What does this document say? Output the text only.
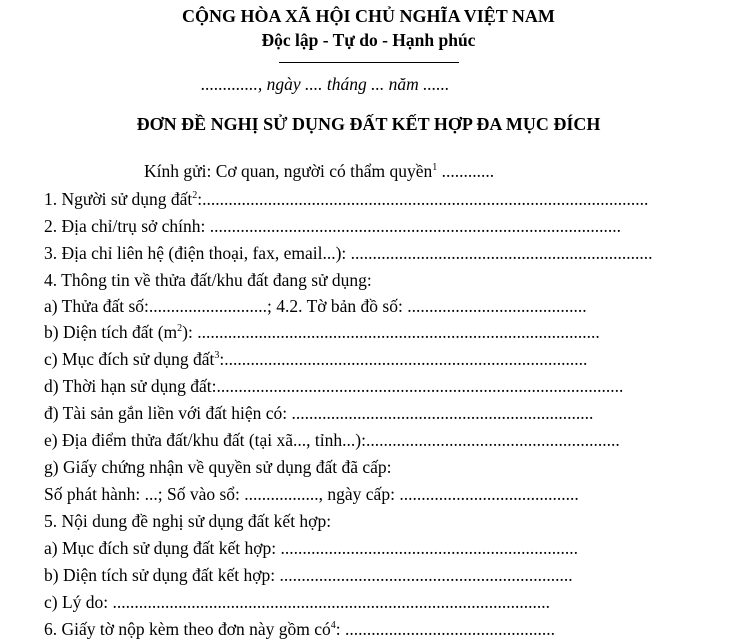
CỘNG HÒA XÃ HỘI CHỦ NGHĨA VIỆT NAM
Độc lập - Tự do - Hạnh phúc
............., ngày .... tháng ... năm ......
ĐƠN ĐỀ NGHỊ SỬ DỤNG ĐẤT KẾT HỢP ĐA MỤC ĐÍCH
Kính gửi: Cơ quan, người có thẩm quyền$^1$ ............
1. Người sử dụng đất$^2$:......................................................................................................
2. Địa chỉ/trụ sở chính: ..............................................................................................
3. Địa chỉ liên hệ (điện thoại, fax, email...): .....................................................................
4. Thông tin về thửa đất/khu đất đang sử dụng:
a) Thửa đất số:...........................; 4.2. Tờ bản đồ số: .........................................
b) Diện tích đất $(m^2)$: ............................................................................................
c) Mục đích sử dụng đất$^3$:...................................................................................
d) Thời hạn sử dụng đất:.............................................................................................
đ) Tài sản gắn liền với đất hiện có: .....................................................................
e) Địa điểm thửa đất/khu đất (tại xã..., tỉnh...):..........................................................
g) Giấy chứng nhận về quyền sử dụng đất đã cấp:
Số phát hành: ...; Số vào sổ: ................., ngày cấp: .........................................
5. Nội dung đề nghị sử dụng đất kết hợp:
a) Mục đích sử dụng đất kết hợp: ....................................................................
b) Diện tích sử dụng đất kết hợp: ...................................................................
c) Lý do: ....................................................................................................
6. Giấy tờ nộp kèm theo đơn này gồm $có^4$: ................................................
